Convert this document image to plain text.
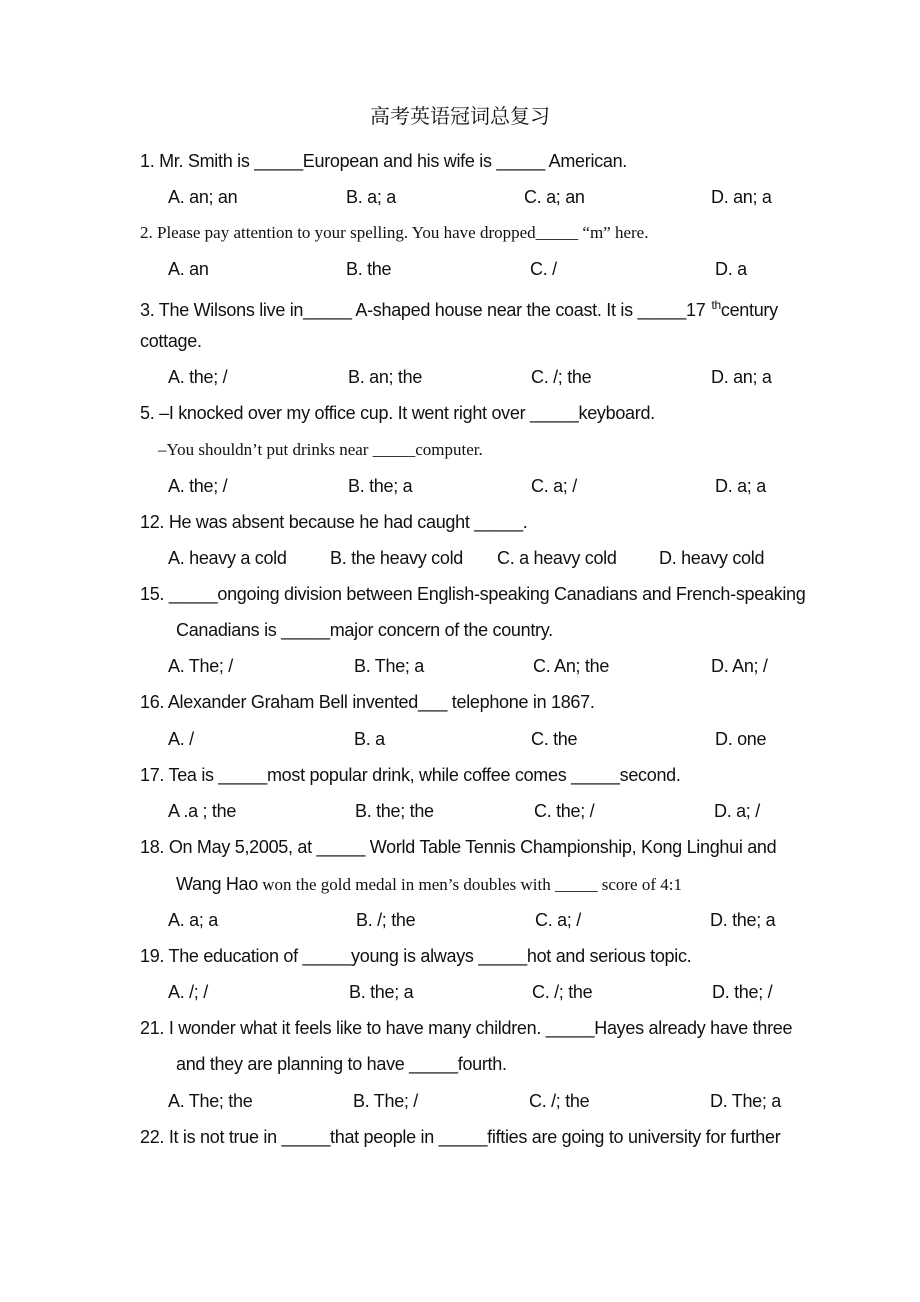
高考英语冠词总复习
1. Mr. Smith is _____European and his wife is _____ American.
A. an; an	B. a; a	C. a; an	D. an; a
2. Please pay attention to your spelling. You have dropped_____ “m” here.
A. an	B. the	C. /	D. a
3. The Wilsons live in_____ A-shaped house near the coast. It is _____17 $^{th}$century
cottage.
A. the; /	B. an; the	C. /; the	D. an; a
5. –I knocked over my office cup. It went right over _____keyboard.
–You shouldn’t put drinks near _____computer.
A. the; /	B. the; a	C. a; /	D. a; a
12. He was absent because he had caught _____.
A. heavy a cold B. the heavy cold C. a heavy cold D. heavy cold
15. _____ongoing division between English-speaking Canadians and French-speaking
Canadians is _____major concern of the country.
A. The; /	B. The; a	C. An; the	D. An; /
16. Alexander Graham Bell invented___ telephone in 1867.
A. /	B. a	C. the	D. one
17. Tea is _____most popular drink, while coffee comes _____second.
A .a ; the	B. the; the	C. the; /	D. a; /
18. On May 5,2005, at _____ World Table Tennis Championship, Kong Linghui and
Wang Hao won the gold medal in men’s doubles with _____ score of 4:1
A. a; a	B. /; the	C. a; /	D. the; a
19. The education of _____young is always _____hot and serious topic.
A. /; /	B. the; a	C. /; the	D. the; /
21. I wonder what it feels like to have many children. _____Hayes already have three
and they are planning to have _____fourth.
A. The; the	B. The; /	C. /; the	D. The; a
22. It is not true in _____that people in _____fifties are going to university for further
